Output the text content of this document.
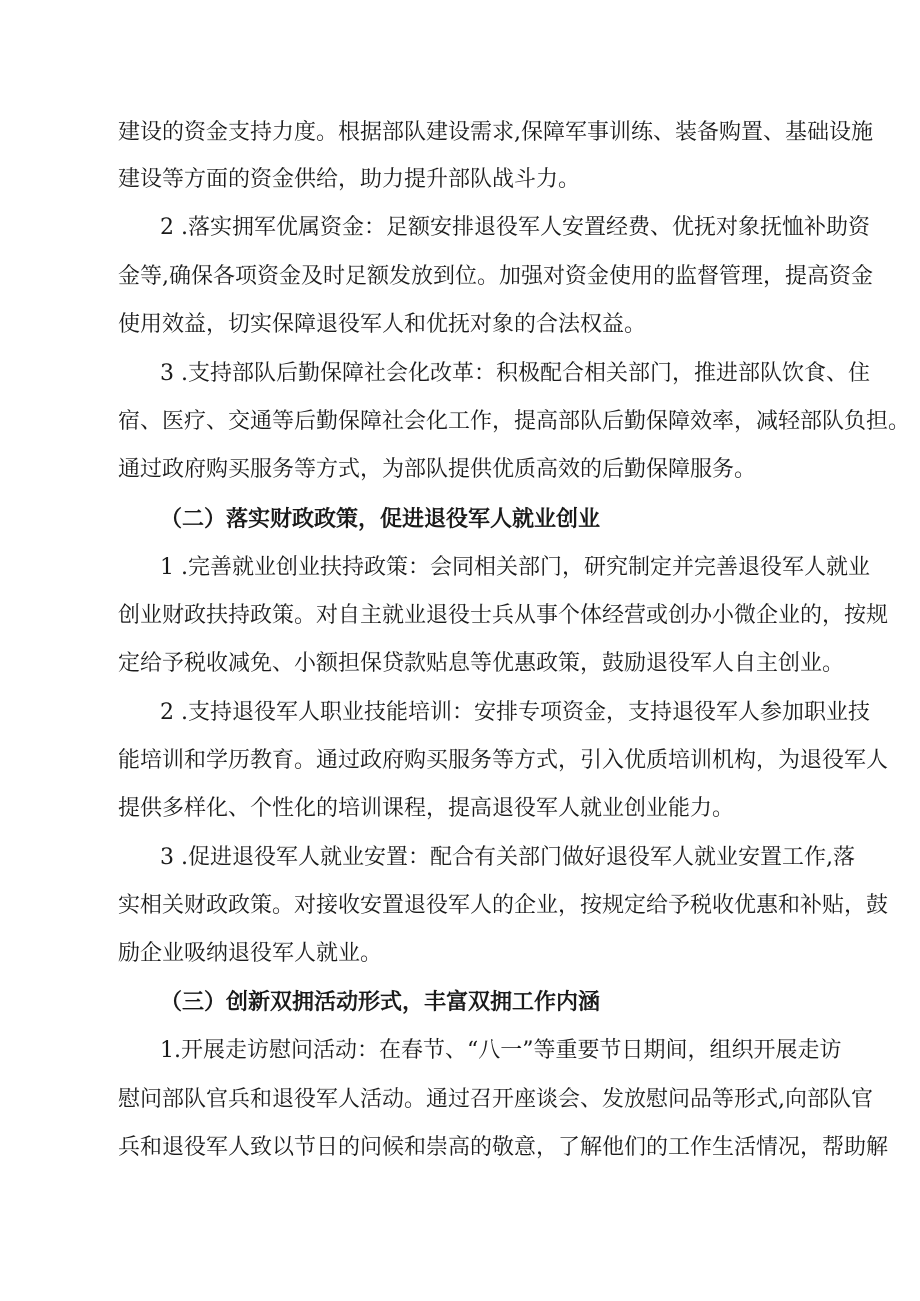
建设的资金支持力度。根据部队建设需求,保障军事训练、装备购置、基础设施

建设等方面的资金供给，助力提升部队战斗力。

2 .落实拥军优属资金：足额安排退役军人安置经费、优抚对象抚恤补助资

金等,确保各项资金及时足额发放到位。加强对资金使用的监督管理，提高资金

使用效益，切实保障退役军人和优抚对象的合法权益。

3 .支持部队后勤保障社会化改革：积极配合相关部门，推进部队饮食、住

宿、医疗、交通等后勤保障社会化工作，提高部队后勤保障效率，减轻部队负担。

通过政府购买服务等方式，为部队提供优质高效的后勤保障服务。

（二）落实财政政策，促进退役军人就业创业

1 .完善就业创业扶持政策：会同相关部门，研究制定并完善退役军人就业

创业财政扶持政策。对自主就业退役士兵从事个体经营或创办小微企业的，按规

定给予税收减免、小额担保贷款贴息等优惠政策，鼓励退役军人自主创业。

2 .支持退役军人职业技能培训：安排专项资金，支持退役军人参加职业技

能培训和学历教育。通过政府购买服务等方式，引入优质培训机构，为退役军人

提供多样化、个性化的培训课程，提高退役军人就业创业能力。

3 .促进退役军人就业安置：配合有关部门做好退役军人就业安置工作,落

实相关财政政策。对接收安置退役军人的企业，按规定给予税收优惠和补贴，鼓

励企业吸纳退役军人就业。

（三）创新双拥活动形式，丰富双拥工作内涵

1.开展走访慰问活动：在春节、“八一”等重要节日期间，组织开展走访

慰问部队官兵和退役军人活动。通过召开座谈会、发放慰问品等形式,向部队官

兵和退役军人致以节日的问候和崇高的敬意，了解他们的工作生活情况，帮助解
